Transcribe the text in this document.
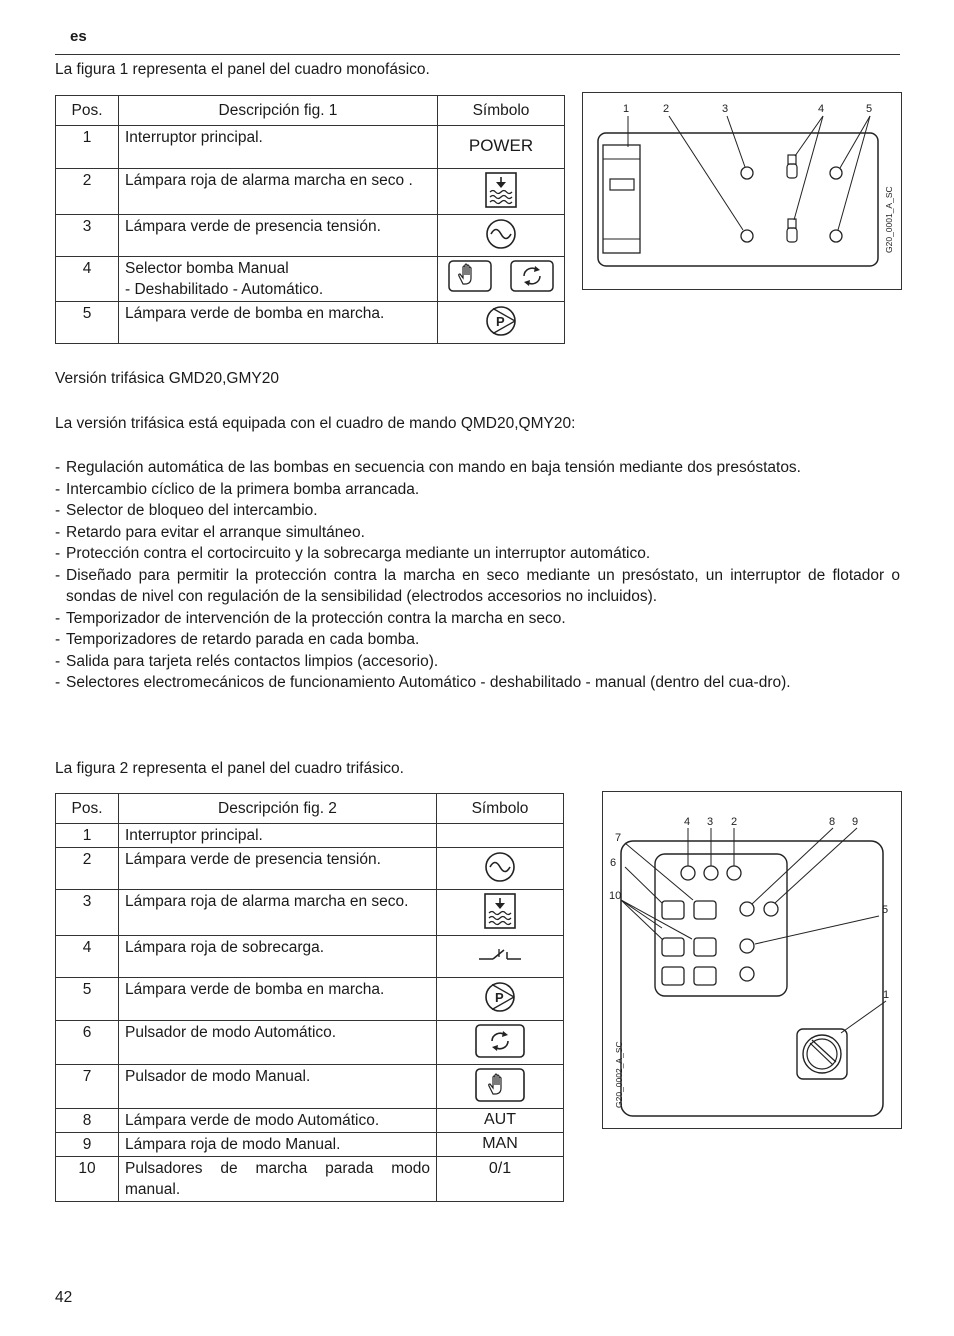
es
La figura 1 representa el panel del cuadro monofásico.
Pos.	Descripción fig. 1	Símbolo
1	Interruptor principal.	POWER
2	Lámpara roja de alarma marcha en seco .	
3	Lámpara verde de presencia tensión.	
4	Selector bomba Manual
- Deshabilitado - Automático.

5	Lámpara verde de bomba en marcha.	P
1	2	3	4	5
G20_0001_A_SC
Versión trifásica GMD20,GMY20
La versión trifásica está equipada con el cuadro de mando QMD20,QMY20:
- Regulación automática de las bombas en secuencia con mando en baja tensión mediante dos presóstatos.
- Intercambio cíclico de la primera bomba arrancada.
- Selector de bloqueo del intercambio.
- Retardo para evitar el arranque simultáneo.
- Protección contra el cortocircuito y la sobrecarga mediante un interruptor automático.
- Diseñado para permitir la protección contra la marcha en seco mediante un presóstato, un interruptor de flotador o sondas de nivel con regulación de la sensibilidad (electrodos accesorios no incluidos).
- Temporizador de intervención de la protección contra la marcha en seco.
- Temporizadores de retardo parada en cada bomba.
- Salida para tarjeta relés contactos limpios (accesorio).
- Selectores electromecánicos de funcionamiento Automático - deshabilitado - manual (dentro del cua-dro).
La figura 2 representa el panel del cuadro trifásico.
Pos.	Descripción fig. 2	Símbolo
1	Interruptor principal.	
2	Lámpara verde de presencia tensión.	
3	Lámpara roja de alarma marcha en seco.	
4	Lámpara roja de sobrecarga.	
5	Lámpara verde de bomba en marcha.	P

6	Pulsador de modo Automático.	
7	Pulsador de modo Manual.	
8	Lámpara verde de modo Automático.	AUT
9	Lámpara roja de modo Manual.	MAN
10	Pulsadores de marcha parada modo manual.	0/1
4 3 2	8 9
7
6
10
5
1
G20_0002_A_SC
42
